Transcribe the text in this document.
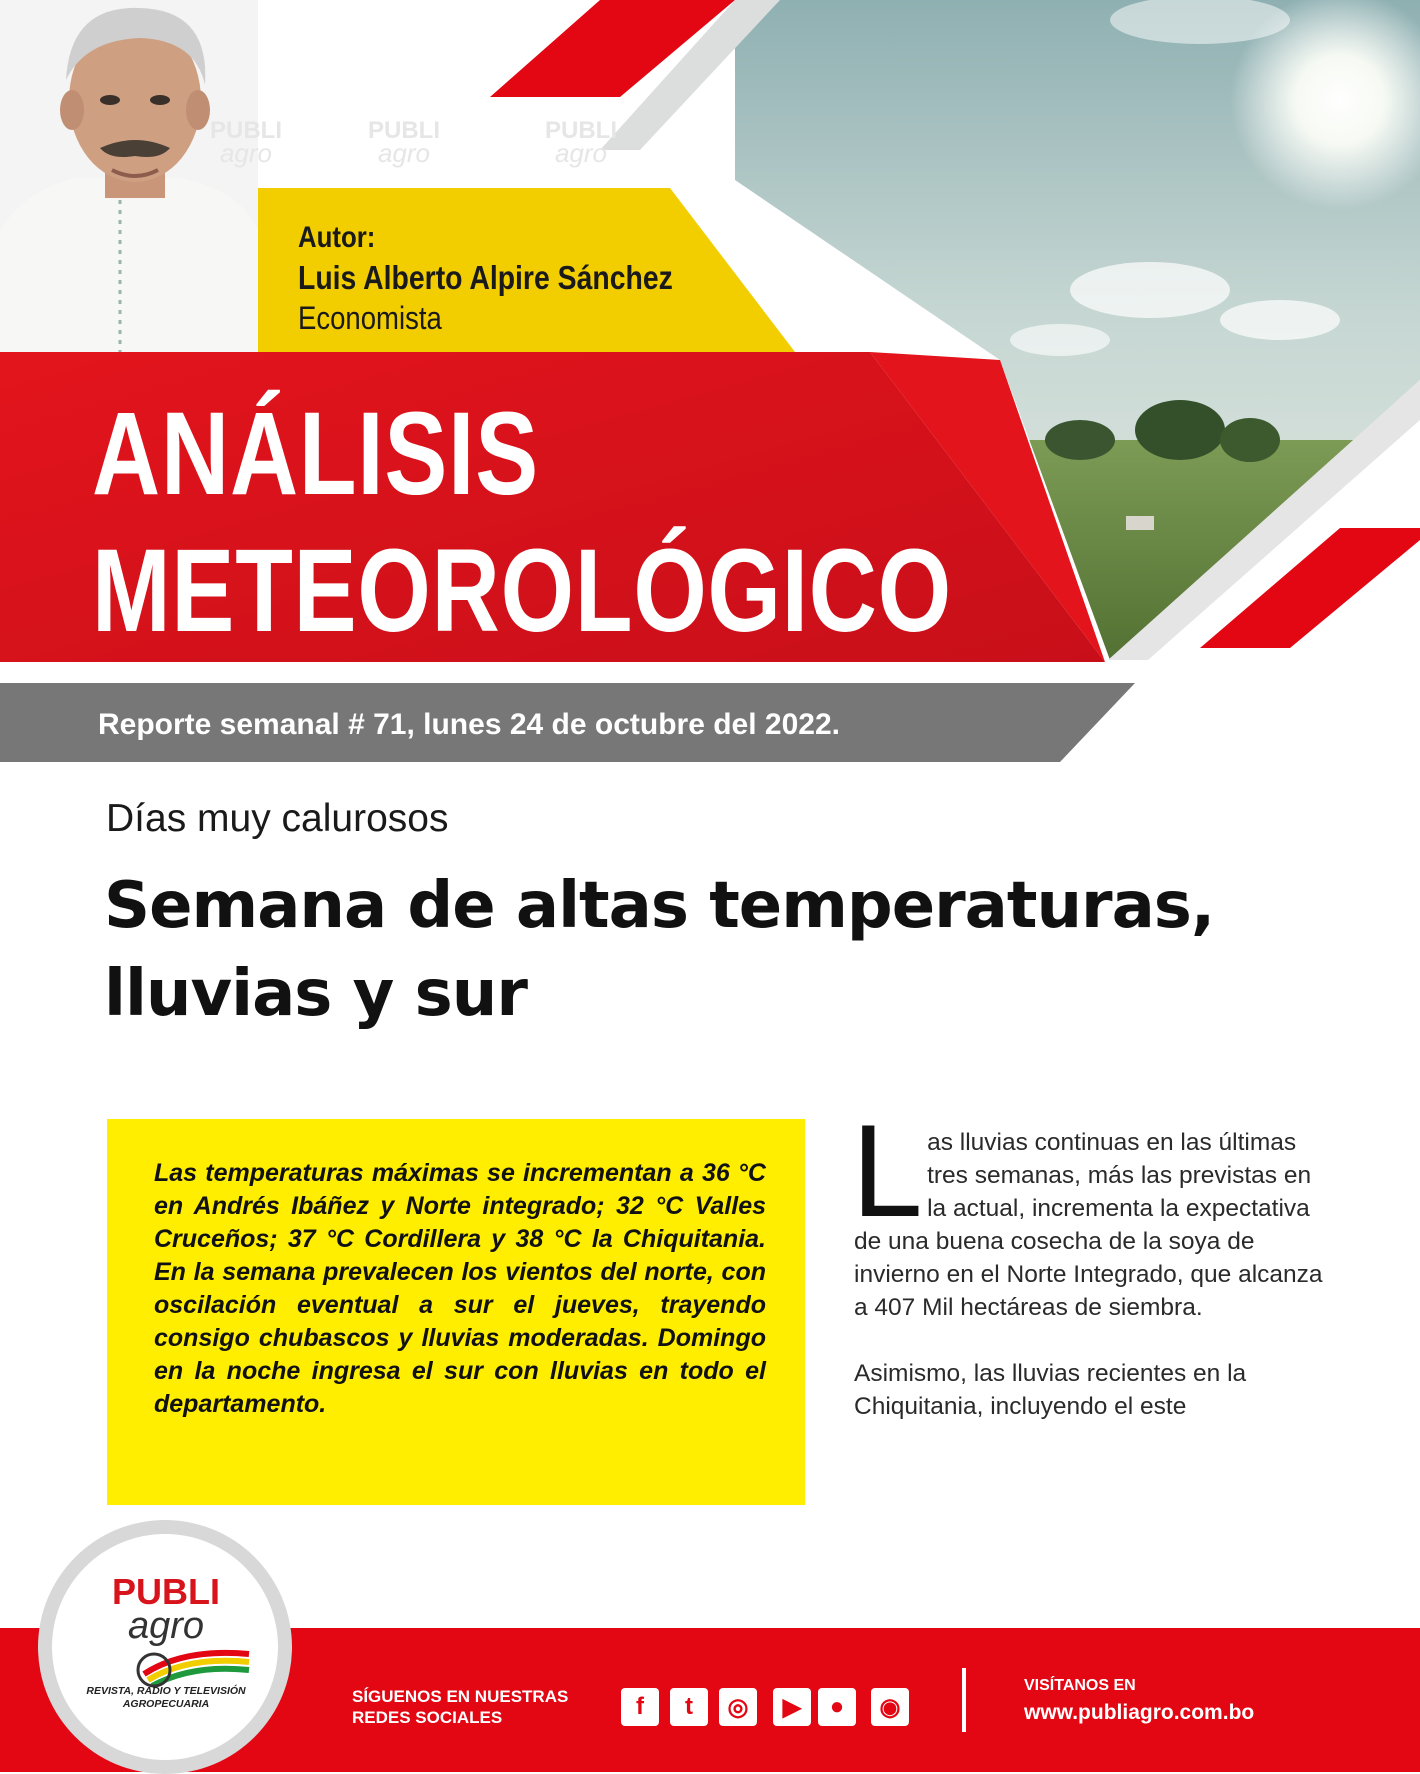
PUBLI
agro
PUBLI
agro
PUBLI
agro
Autor:
Luis Alberto Alpire Sánchez
Economista
ANÁLISIS
METEOROLÓGICO
Reporte semanal # 71, lunes 24 de octubre del 2022.
Días muy calurosos
Semana de altas temperaturas, lluvias y sur
Las temperaturas máximas se incrementan a 36 °C en Andrés Ibáñez y Norte integrado; 32 °C Valles Cruceños; 37 °C Cordillera y 38 °C la Chiquitania. En la semana prevalecen los vientos del norte, con oscilación eventual a sur el jueves, trayendo consigo chubascos y lluvias moderadas. Domingo en la noche ingresa el sur con lluvias en todo el departamento.

Las lluvias continuas en las últimas tres semanas, más las previstas en la actual, incrementa la expectativa de una buena cosecha de la soya de invierno en el Norte Integrado, que alcanza a 407 Mil hectáreas de siembra.

Asimismo, las lluvias recientes en la Chiquitania, incluyendo el este

PUBLI
agro
REVISTA, RADIO Y TELEVISIÓN AGROPECUARIA	SÍGUENOS EN NUESTRAS REDES SOCIALES	f	t	◎	▶	●	◉
VISÍTANOS EN
www.publiagro.com.bo
